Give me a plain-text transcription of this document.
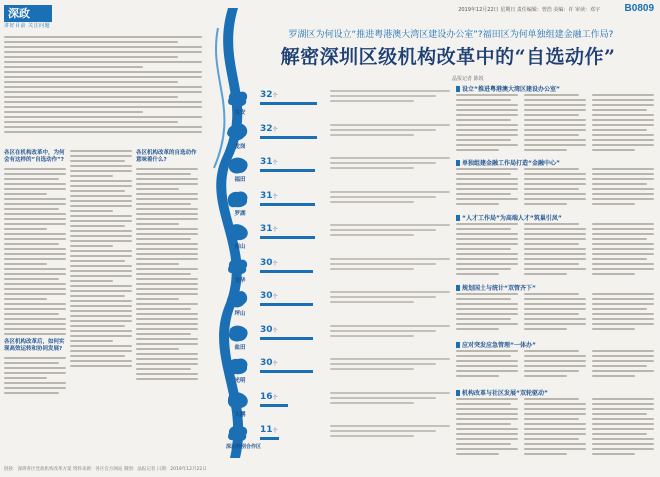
深政
讲好目前 关注问题
2019年12月22日 星期日 责任编辑：曾浩 美编：许 审读：邓宇 B0809
罗湖区为何设立“推进粤港澳大湾区建设办公室”?福田区为何单独组建金融工作局?
解密深圳区级机构改革中的“自选动作”
晶报记者 陈锐
各区在机构改革中，为何会有这样的“自选动作”?
各区机构改革后，如何实现高效运转和协同发展?
各区机构改革的自选动作意味着什么?
宝安
32个
龙岗
32个
福田
31个
罗湖
31个
南山
31个
龙华
30个
坪山
30个
盐田
30个
光明
30个
大鹏
16个
深汕特别合作区
11个
设立“推进粤港澳大湾区建设办公室”
单独组建金融工作局打造“金融中心”
“人才工作局”为高端人才“筑巢引凤”
规划国土与统计“双管齐下”
应对突发应急管理“一体办”
机构改革与社区发展“双轮驱动”
链接：深圳各区党政机构改革方案 资料来源：各区官方网站 制图：晶报记者 日期：2019年12月22日
